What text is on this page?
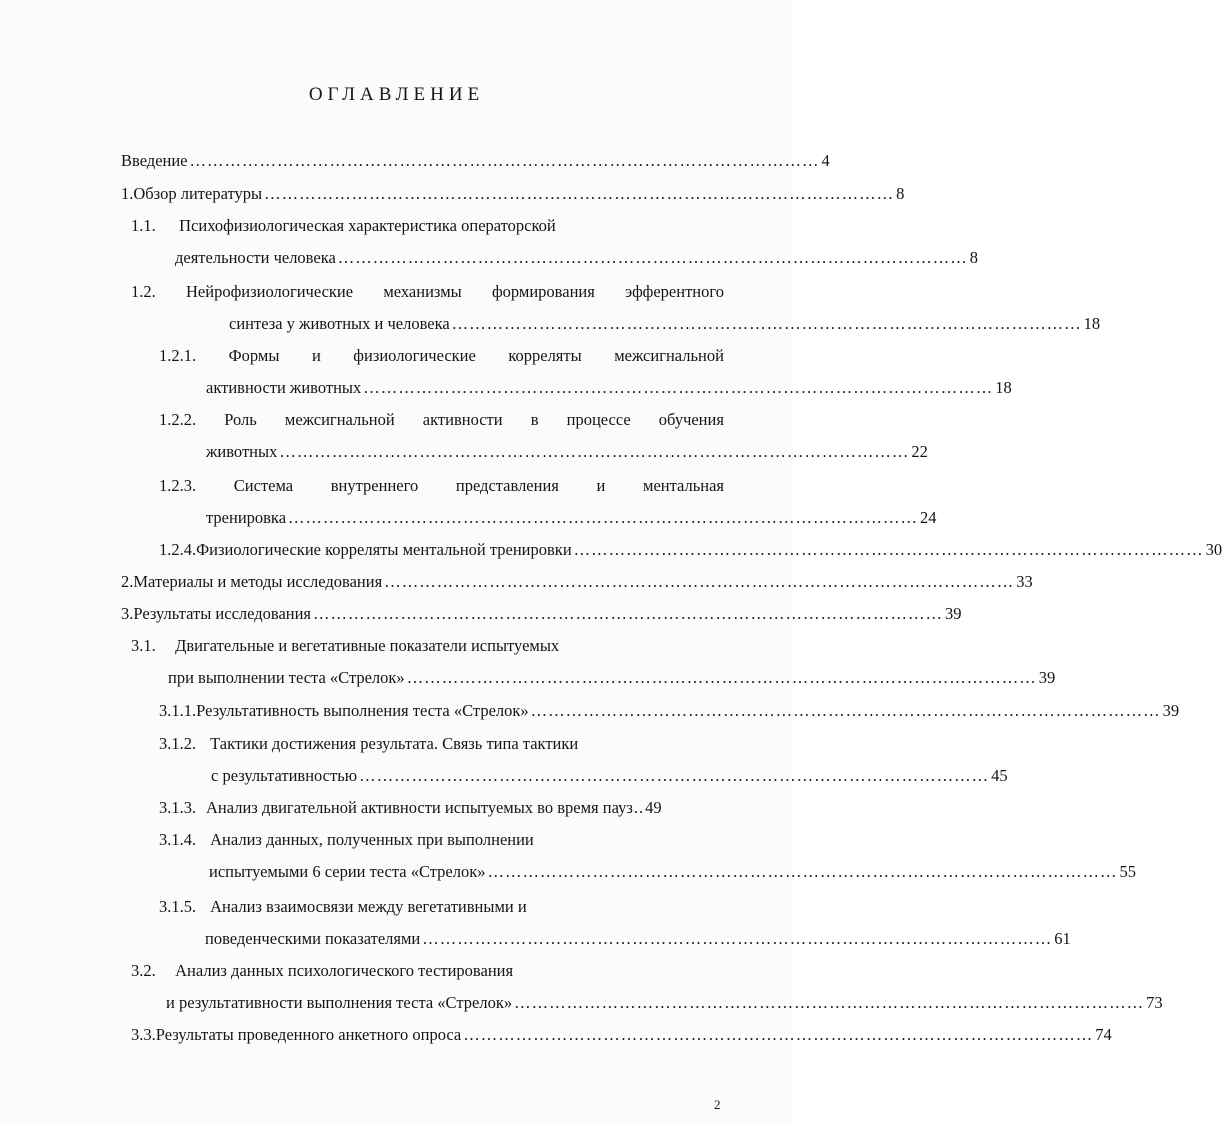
ОГЛАВЛЕНИЕ
Введение ……………………………………………………………………………………………… 4
1. Обзор литературы ……………………………………………………………………………………………… 8
1.1. Психофизиологическая характеристика операторской
деятельности человека ……………………………………………………………………………………………… 8
1.2. Нейрофизиологические механизмы формирования эфферентного
синтеза у животных и человека ……………………………………………………………………………………………… 18
1.2.1. Формы и физиологические корреляты межсигнальной
активности животных ……………………………………………………………………………………………… 18
1.2.2. Роль межсигнальной активности в процессе обучения
животных ……………………………………………………………………………………………… 22
1.2.3. Система внутреннего представления и ментальная
тренировка ……………………………………………………………………………………………… 24
1.2.4. Физиологические корреляты ментальной тренировки ……………………………………………………………………………………………… 30
2. Материалы и методы исследования ……………………………………………………………………………………………… 33
3. Результаты исследования ……………………………………………………………………………………………… 39
3.1. Двигательные и вегетативные показатели испытуемых
при выполнении теста «Стрелок» ……………………………………………………………………………………………… 39
3.1.1. Результативность выполнения теста «Стрелок» ……………………………………………………………………………………………… 39
3.1.2. Тактики достижения результата. Связь типа тактики
с результативностью ……………………………………………………………………………………………… 45
3.1.3. Анализ двигательной активности испытуемых во время пауз .. 49
3.1.4. Анализ данных, полученных при выполнении
испытуемыми 6 серии теста «Стрелок» ……………………………………………………………………………………………… 55
3.1.5. Анализ взаимосвязи между вегетативными и
поведенческими показателями ……………………………………………………………………………………………… 61
3.2. Анализ данных психологического тестирования
и результативности выполнения теста «Стрелок» ……………………………………………………………………………………………… 73
3.3. Результаты проведенного анкетного опроса ……………………………………………………………………………………………… 74
2
